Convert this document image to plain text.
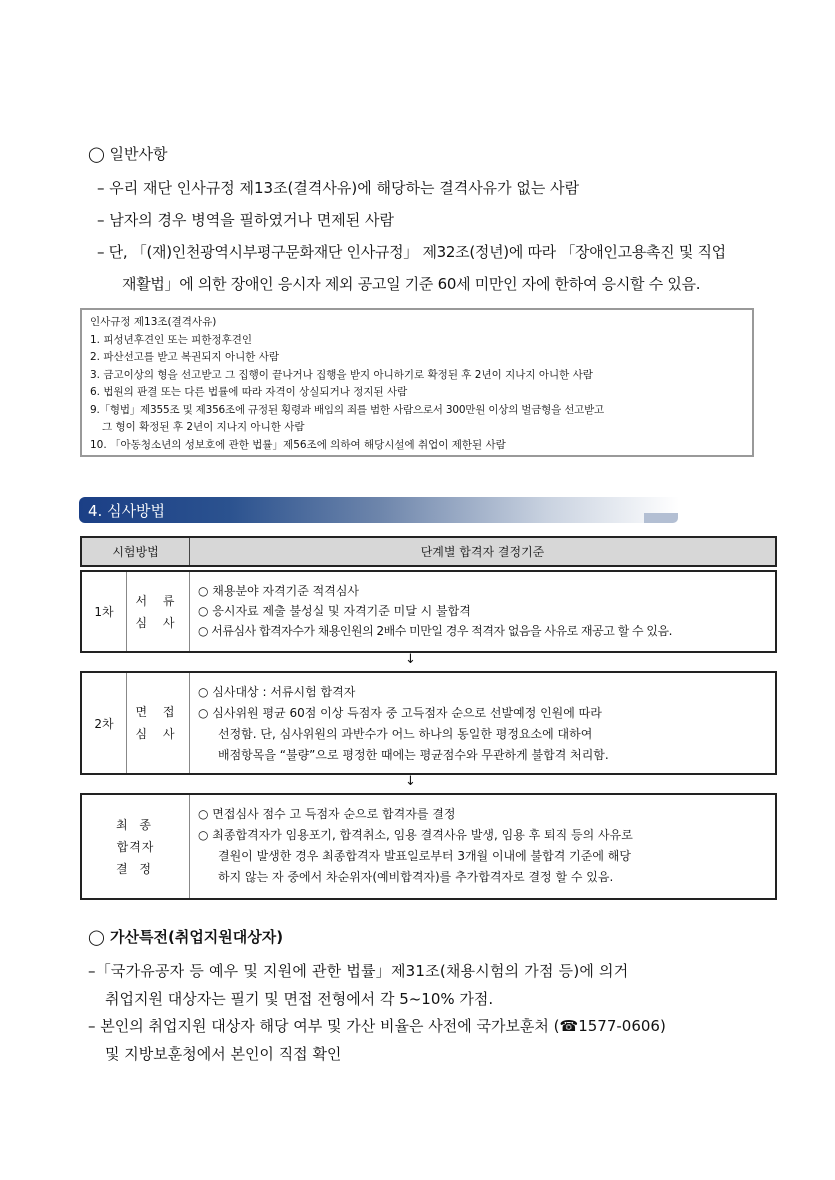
◯ 일반사항
– 우리 재단 인사규정 제13조(결격사유)에 해당하는 결격사유가 없는 사람
– 남자의 경우 병역을 필하였거나 면제된 사람
– 단, 「(재)인천광역시부평구문화재단 인사규정」 제32조(정년)에 따라 「장애인고용촉진 및 직업
재활법」에 의한 장애인 응시자 제외 공고일 기준 60세 미만인 자에 한하여 응시할 수 있음.
인사규정 제13조(결격사유)
1. 피성년후견인 또는 피한정후견인
2. 파산선고를 받고 복권되지 아니한 사람
3. 금고이상의 형을 선고받고 그 집행이 끝나거나 집행을 받지 아니하기로 확정된 후 2년이 지나지 아니한 사람
6. 법원의 판결 또는 다른 법률에 따라 자격이 상실되거나 정지된 사람
9.「형법」제355조 및 제356조에 규정된 횡령과 배임의 죄를 범한 사람으로서 300만원 이상의 벌금형을 선고받고
그 형이 확정된 후 2년이 지나지 아니한 사람
10. 「아동청소년의 성보호에 관한 법률」제56조에 의하여 해당시설에 취업이 제한된 사람
4. 심사방법
시험방법	단계별 합격자 결정기준
1차
서 류
심 사
○ 채용분야 자격기준 적격심사
○ 응시자료 제출 불성실 및 자격기준 미달 시 불합격
○ 서류심사 합격자수가 채용인원의 2배수 미만일 경우 적격자 없음을 사유로 재공고 할 수 있음.
↓
2차
면 접
심 사
○ 심사대상 : 서류시험 합격자
○ 심사위원 평균 60점 이상 득점자 중 고득점자 순으로 선발예정 인원에 따라
선정함. 단, 심사위원의 과반수가 어느 하나의 동일한 평정요소에 대하여
배점항목을 “불량”으로 평정한 때에는 평균점수와 무관하게 불합격 처리함.
↓
최 종
합격자
결 정
○ 면접심사 점수 고 득점자 순으로 합격자를 결정
○ 최종합격자가 임용포기, 합격취소, 임용 결격사유 발생, 임용 후 퇴직 등의 사유로
결원이 발생한 경우 최종합격자 발표일로부터 3개월 이내에 불합격 기준에 해당
하지 않는 자 중에서 차순위자(예비합격자)를 추가합격자로 결정 할 수 있음.
◯ 가산특전(취업지원대상자)
–「국가유공자 등 예우 및 지원에 관한 법률」제31조(채용시험의 가점 등)에 의거
취업지원 대상자는 필기 및 면접 전형에서 각 5~10% 가점.
– 본인의 취업지원 대상자 해당 여부 및 가산 비율은 사전에 국가보훈처 (☎1577-0606)
및 지방보훈청에서 본인이 직접 확인
